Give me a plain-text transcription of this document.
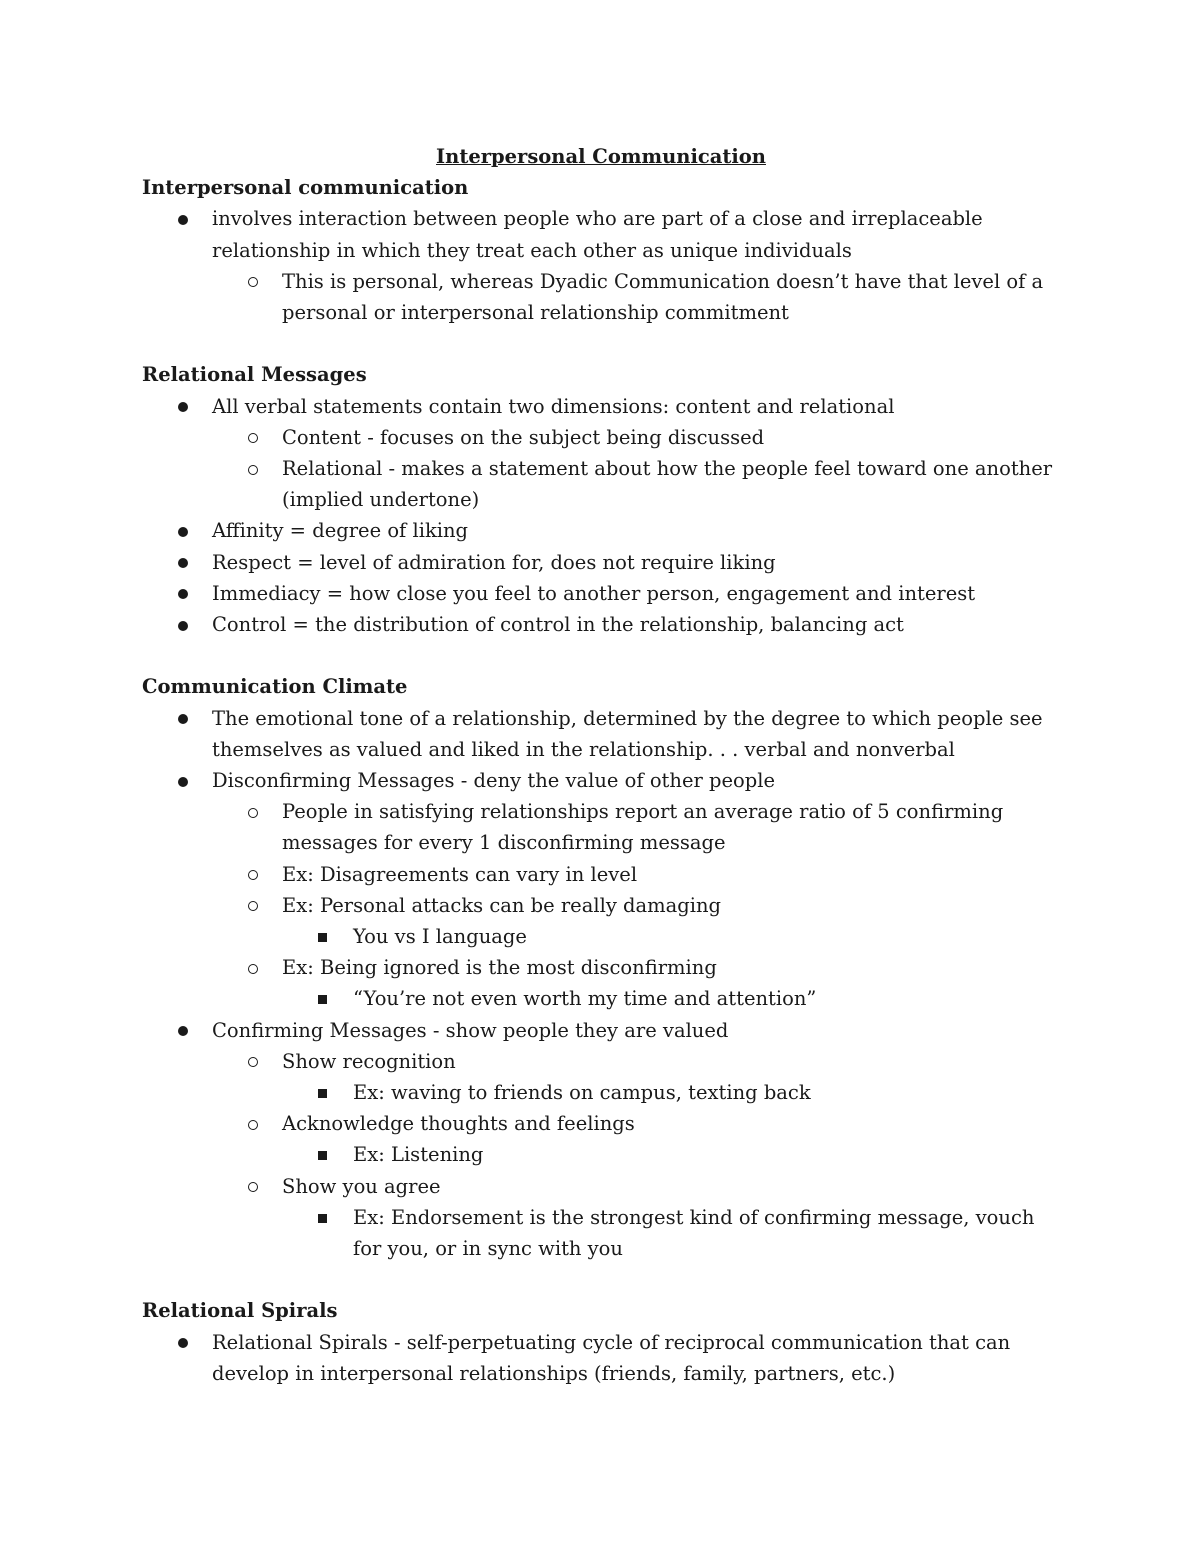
Interpersonal Communication
Interpersonal communication
involves interaction between people who are part of a close and irreplaceable relationship in which they treat each other as unique individuals
This is personal, whereas Dyadic Communication doesn’t have that level of a personal or interpersonal relationship commitment
Relational Messages
All verbal statements contain two dimensions: content and relational
Content - focuses on the subject being discussed
Relational - makes a statement about how the people feel toward one another (implied undertone)
Affinity = degree of liking
Respect = level of admiration for, does not require liking
Immediacy = how close you feel to another person, engagement and interest
Control = the distribution of control in the relationship, balancing act
Communication Climate
The emotional tone of a relationship, determined by the degree to which people see themselves as valued and liked in the relationship. . . verbal and nonverbal
Disconfirming Messages - deny the value of other people
People in satisfying relationships report an average ratio of 5 confirming messages for every 1 disconfirming message
Ex: Disagreements can vary in level
Ex: Personal attacks can be really damaging
You vs I language
Ex: Being ignored is the most disconfirming
“You’re not even worth my time and attention”
Confirming Messages - show people they are valued
Show recognition
Ex: waving to friends on campus, texting back
Acknowledge thoughts and feelings
Ex: Listening
Show you agree
Ex: Endorsement is the strongest kind of confirming message, vouch for you, or in sync with you
Relational Spirals
Relational Spirals - self-perpetuating cycle of reciprocal communication that can develop in interpersonal relationships (friends, family, partners, etc.)
